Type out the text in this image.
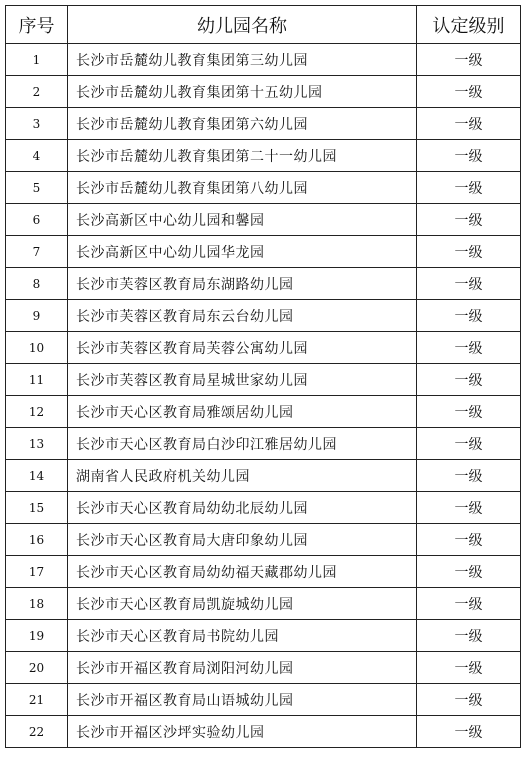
序号	幼儿园名称	认定级别
1	长沙市岳麓幼儿教育集团第三幼儿园	一级
2	长沙市岳麓幼儿教育集团第十五幼儿园	一级
3	长沙市岳麓幼儿教育集团第六幼儿园	一级
4	长沙市岳麓幼儿教育集团第二十一幼儿园	一级
5	长沙市岳麓幼儿教育集团第八幼儿园	一级
6	长沙高新区中心幼儿园和馨园	一级
7	长沙高新区中心幼儿园华龙园	一级
8	长沙市芙蓉区教育局东湖路幼儿园	一级
9	长沙市芙蓉区教育局东云台幼儿园	一级
10	长沙市芙蓉区教育局芙蓉公寓幼儿园	一级
11	长沙市芙蓉区教育局星城世家幼儿园	一级
12	长沙市天心区教育局雅颂居幼儿园	一级
13	长沙市天心区教育局白沙印江雅居幼儿园	一级
14	湖南省人民政府机关幼儿园	一级
15	长沙市天心区教育局幼幼北辰幼儿园	一级
16	长沙市天心区教育局大唐印象幼儿园	一级
17	长沙市天心区教育局幼幼福天藏郡幼儿园	一级
18	长沙市天心区教育局凯旋城幼儿园	一级
19	长沙市天心区教育局书院幼儿园	一级
20	长沙市开福区教育局浏阳河幼儿园	一级
21	长沙市开福区教育局山语城幼儿园	一级
22	长沙市开福区沙坪实验幼儿园	一级
